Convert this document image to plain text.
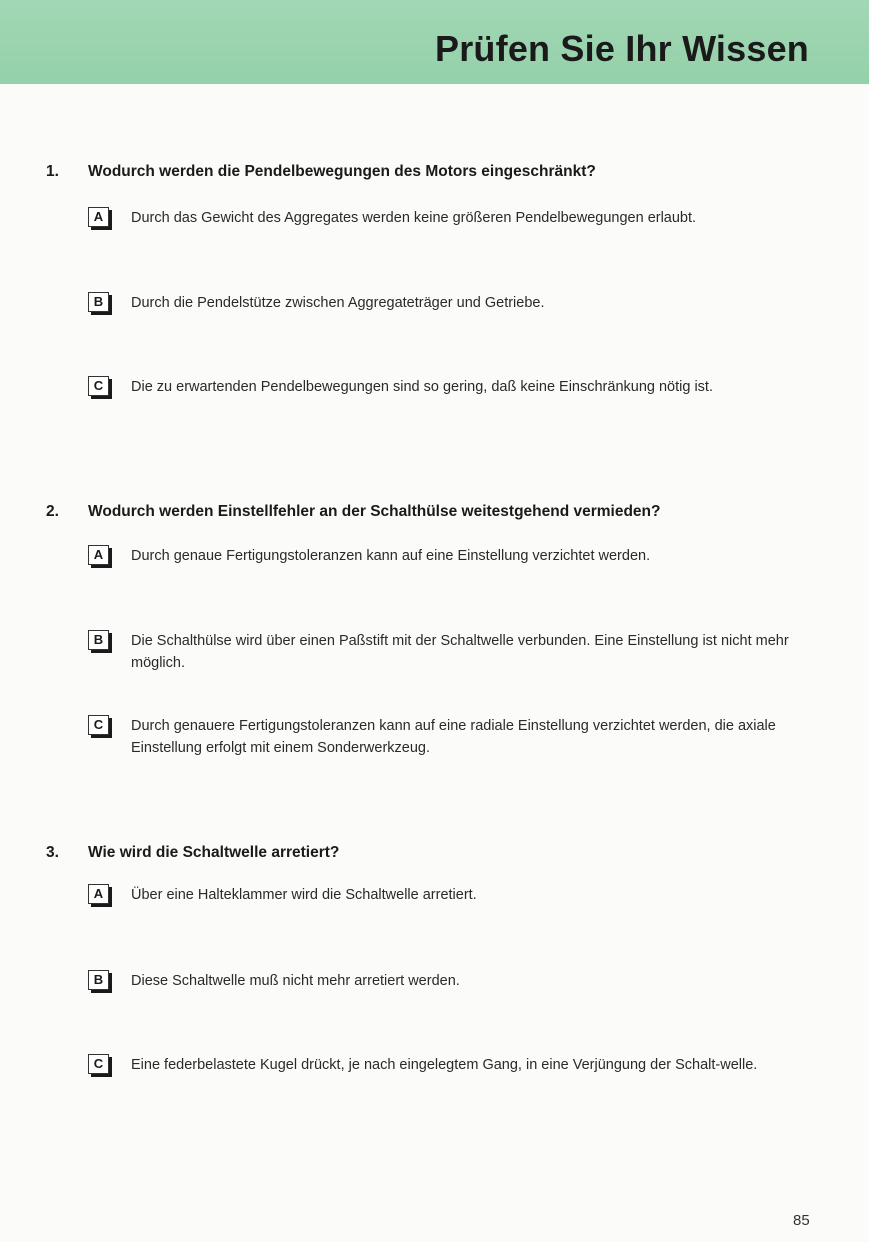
Prüfen Sie Ihr Wissen
1. Wodurch werden die Pendelbewegungen des Motors eingeschränkt?
A	Durch das Gewicht des Aggregates werden keine größeren Pendelbewegungen erlaubt.
B	Durch die Pendelstütze zwischen Aggregateträger und Getriebe.
C	Die zu erwartenden Pendelbewegungen sind so gering, daß keine Einschränkung nötig ist.
2. Wodurch werden Einstellfehler an der Schalthülse weitestgehend vermieden?
A	Durch genaue Fertigungstoleranzen kann auf eine Einstellung verzichtet werden.
B	Die Schalthülse wird über einen Paßstift mit der Schaltwelle verbunden. Eine Einstellung ist nicht mehr möglich.
C	Durch genauere Fertigungstoleranzen kann auf eine radiale Einstellung verzichtet werden, die axiale Einstellung erfolgt mit einem Sonderwerkzeug.
3. Wie wird die Schaltwelle arretiert?
A	Über eine Halteklammer wird die Schaltwelle arretiert.
B	Diese Schaltwelle muß nicht mehr arretiert werden.
C	Eine federbelastete Kugel drückt, je nach eingelegtem Gang, in eine Verjüngung der Schalt-welle.
85
